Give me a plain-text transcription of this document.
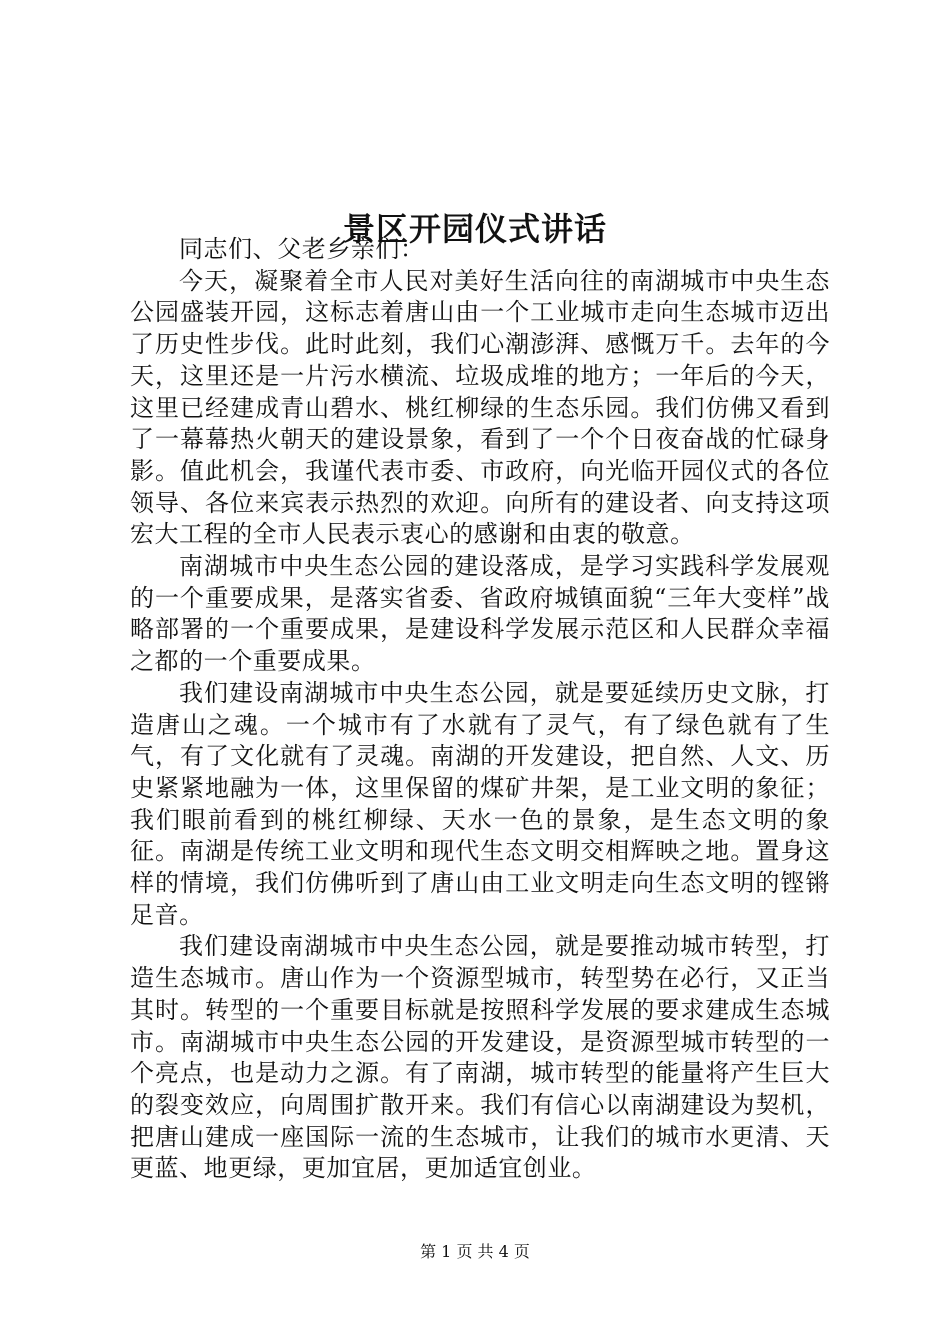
景区开园仪式讲话

同志们、父老乡亲们：

今天，凝聚着全市人民对美好生活向往的南湖城市中央生态公园盛装开园，这标志着唐山由一个工业城市走向生态城市迈出了历史性步伐。此时此刻，我们心潮澎湃、感慨万千。去年的今天，这里还是一片污水横流、垃圾成堆的地方；一年后的今天，这里已经建成青山碧水、桃红柳绿的生态乐园。我们仿佛又看到了一幕幕热火朝天的建设景象，看到了一个个日夜奋战的忙碌身影。值此机会，我谨代表市委、市政府，向光临开园仪式的各位领导、各位来宾表示热烈的欢迎。向所有的建设者、向支持这项宏大工程的全市人民表示衷心的感谢和由衷的敬意。

南湖城市中央生态公园的建设落成，是学习实践科学发展观的一个重要成果，是落实省委、省政府城镇面貌“三年大变样”战略部署的一个重要成果，是建设科学发展示范区和人民群众幸福之都的一个重要成果。

我们建设南湖城市中央生态公园，就是要延续历史文脉，打造唐山之魂。一个城市有了水就有了灵气，有了绿色就有了生气，有了文化就有了灵魂。南湖的开发建设，把自然、人文、历史紧紧地融为一体，这里保留的煤矿井架，是工业文明的象征；我们眼前看到的桃红柳绿、天水一色的景象，是生态文明的象征。南湖是传统工业文明和现代生态文明交相辉映之地。置身这样的情境，我们仿佛听到了唐山由工业文明走向生态文明的铿锵足音。

我们建设南湖城市中央生态公园，就是要推动城市转型，打造生态城市。唐山作为一个资源型城市，转型势在必行，又正当其时。转型的一个重要目标就是按照科学发展的要求建成生态城市。南湖城市中央生态公园的开发建设，是资源型城市转型的一个亮点，也是动力之源。有了南湖，城市转型的能量将产生巨大的裂变效应，向周围扩散开来。我们有信心以南湖建设为契机，把唐山建成一座国际一流的生态城市，让我们的城市水更清、天更蓝、地更绿，更加宜居，更加适宜创业。

第 1 页 共 4 页
